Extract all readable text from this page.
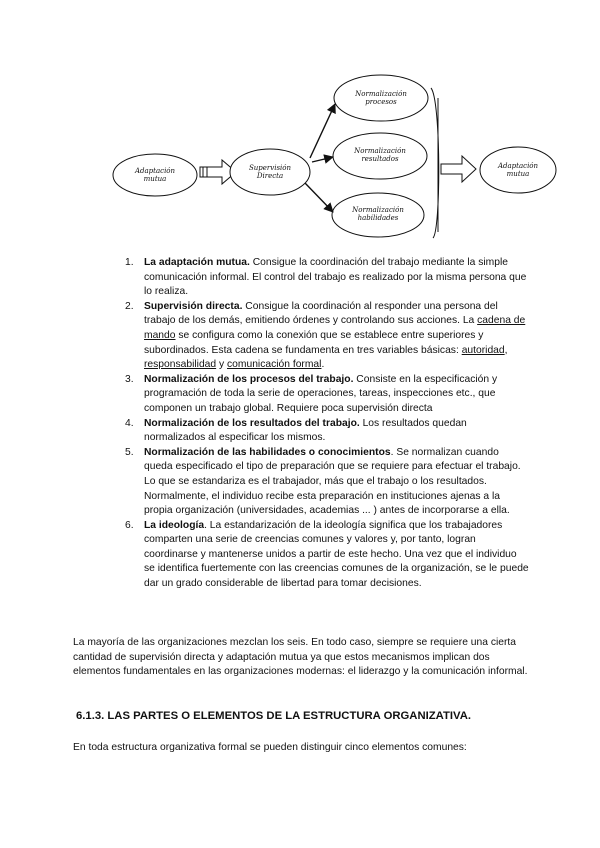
Adaptación
mutua
Supervisión
Directa
Normalización
procesos
Normalización
resultados
Normalización
habilidades
Adaptación
mutua
1. La adaptación mutua. Consigue la coordinación del trabajo mediante la simple comunicación informal. El control del trabajo es realizado por la misma persona que lo realiza.
2. Supervisión directa. Consigue la coordinación al responder una persona del trabajo de los demás, emitiendo órdenes y controlando sus acciones. La cadena de mando se configura como la conexión que se establece entre superiores y subordinados. Esta cadena se fundamenta en tres variables básicas: autoridad, responsabilidad y comunicación formal.
3. Normalización de los procesos del trabajo. Consiste en la especificación y programación de toda la serie de operaciones, tareas, inspecciones etc., que componen un trabajo global. Requiere poca supervisión directa
4. Normalización de los resultados del trabajo. Los resultados quedan normalizados al especificar los mismos.
5. Normalización de las habilidades o conocimientos. Se normalizan cuando queda especificado el tipo de preparación que se requiere para efectuar el trabajo. Lo que se estandariza es el trabajador, más que el trabajo o los resultados. Normalmente, el individuo recibe esta preparación en instituciones ajenas a la propia organización (universidades, academias ... ) antes de incorporarse a ella.
6. La ideología. La estandarización de la ideología significa que los trabajadores comparten una serie de creencias comunes y valores y, por tanto, logran coordinarse y mantenerse unidos a partir de este hecho. Una vez que el individuo se identifica fuertemente con las creencias comunes de la organización, se le puede dar un grado considerable de libertad para tomar decisiones.

La mayoría de las organizaciones mezclan los seis. En todo caso, siempre se requiere una cierta cantidad de supervisión directa y adaptación mutua ya que estos mecanismos implican dos elementos fundamentales en las organizaciones modernas: el liderazgo y la comunicación informal.

6.1.3. LAS PARTES O ELEMENTOS DE LA ESTRUCTURA ORGANIZATIVA.

En toda estructura organizativa formal se pueden distinguir cinco elementos comunes:
